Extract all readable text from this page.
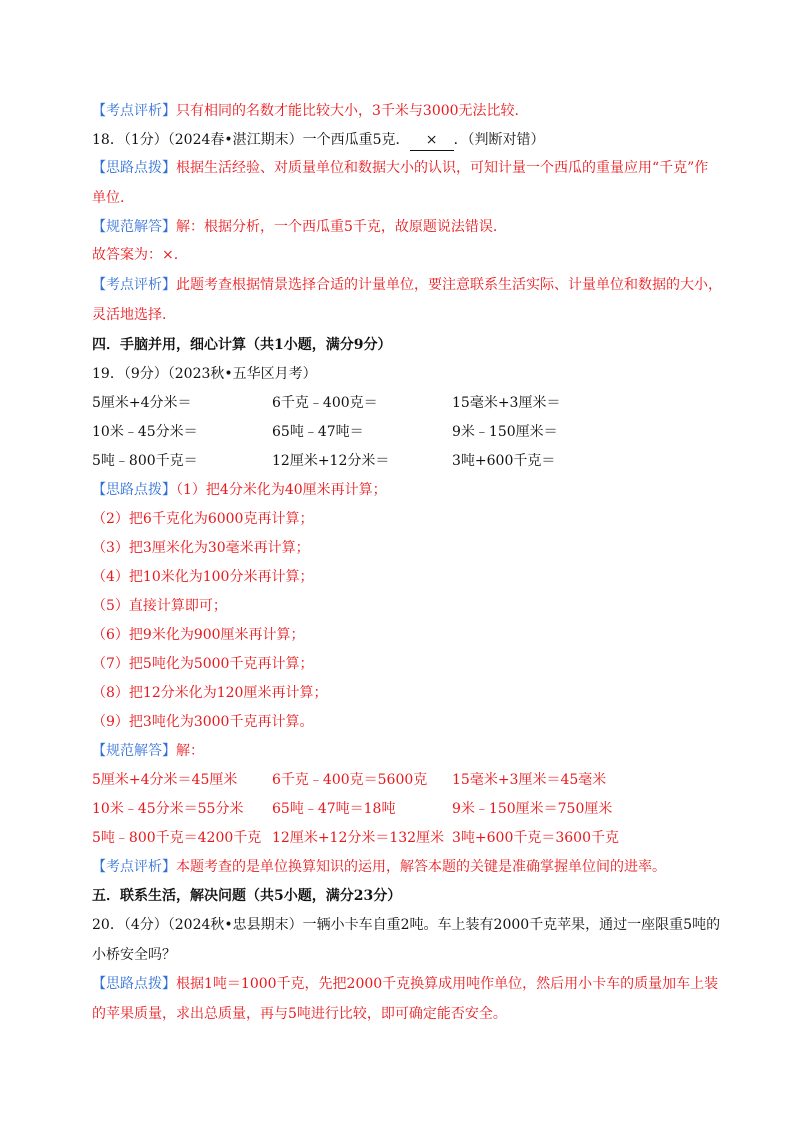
【考点评析】只有相同的名数才能比较大小，3千米与3000无法比较.
18．（1分）（2024春•湛江期末）一个西瓜重5克． × ．（判断对错）
【思路点拨】根据生活经验、对质量单位和数据大小的认识，可知计量一个西瓜的重量应用“千克”作
单位.
【规范解答】解：根据分析，一个西瓜重5千克，故原题说法错误.
故答案为：×.
【考点评析】此题考查根据情景选择合适的计量单位，要注意联系生活实际、计量单位和数据的大小，
灵活地选择.
四．手脑并用，细心计算（共1小题，满分9分）
19．（9分）（2023秋•五华区月考）
5厘米+4分米＝	6千克﹣400克＝	15毫米+3厘米＝
10米﹣45分米＝	65吨﹣47吨＝	9米﹣150厘米＝
5吨﹣800千克＝	12厘米+12分米＝	3吨+600千克＝
【思路点拨】（1）把4分米化为40厘米再计算；
（2）把6千克化为6000克再计算；
（3）把3厘米化为30毫米再计算；
（4）把10米化为100分米再计算；
（5）直接计算即可；
（6）把9米化为900厘米再计算；
（7）把5吨化为5000千克再计算；
（8）把12分米化为120厘米再计算；
（9）把3吨化为3000千克再计算。
【规范解答】解：
5厘米+4分米＝45厘米 6千克﹣400克＝5600克 15毫米+3厘米＝45毫米
10米﹣45分米＝55分米 65吨﹣47吨＝18吨	9米﹣150厘米＝750厘米
5吨﹣800千克＝4200千克 12厘米+12分米＝132厘米 3吨+600千克＝3600千克
【考点评析】本题考查的是单位换算知识的运用，解答本题的关键是准确掌握单位间的进率。
五．联系生活，解决问题（共5小题，满分23分）
20．（4分）（2024秋•忠县期末）一辆小卡车自重2吨。车上装有2000千克苹果，通过一座限重5吨的
小桥安全吗？
【思路点拨】根据1吨＝1000千克，先把2000千克换算成用吨作单位，然后用小卡车的质量加车上装
的苹果质量，求出总质量，再与5吨进行比较，即可确定能否安全。
